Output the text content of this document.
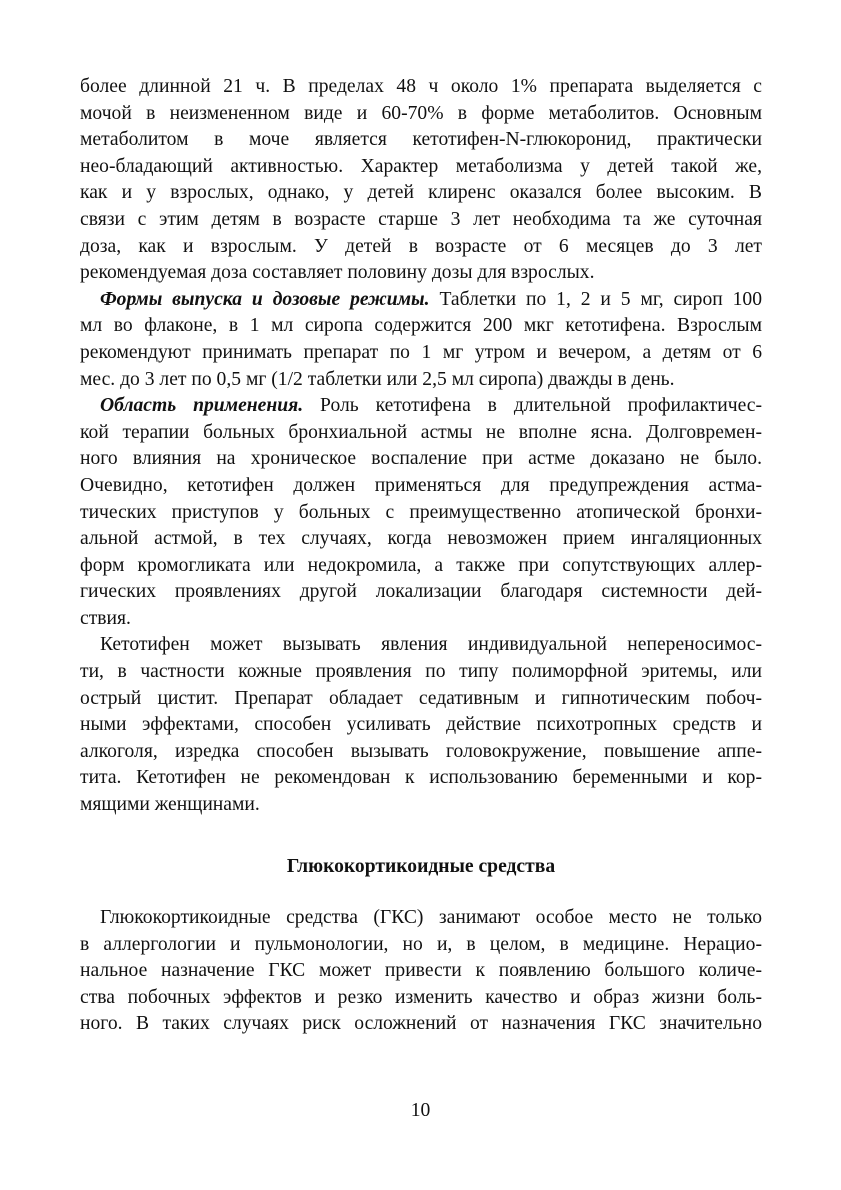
более длинной 21 ч. В пределах 48 ч около 1% препарата выделяется с
мочой в неизмененном виде и 60-70% в форме метаболитов. Основным
метаболитом в моче является кетотифен-N-глюкоронид, практически
нео-бладающий активностью. Характер метаболизма у детей такой же,
как и у взрослых, однако, у детей клиренс оказался более высоким. В
связи с этим детям в возрасте старше 3 лет необходима та же суточная
доза, как и взрослым. У детей в возрасте от 6 месяцев до 3 лет
рекомендуемая доза составляет половину дозы для взрослых.

Формы выпуска и дозовые режимы. Таблетки по 1, 2 и 5 мг, сироп 100
мл во флаконе, в 1 мл сиропа содержится 200 мкг кетотифена. Взрослым
рекомендуют принимать препарат по 1 мг утром и вечером, а детям от 6
мес. до 3 лет по 0,5 мг (1/2 таблетки или 2,5 мл сиропа) дважды в день.

Область применения. Роль кетотифена в длительной профилактичес-
кой терапии больных бронхиальной астмы не вполне ясна. Долговремен-
ного влияния на хроническое воспаление при астме доказано не было.
Очевидно, кетотифен должен применяться для предупреждения астма-
тических приступов у больных с преимущественно атопической бронхи-
альной астмой, в тех случаях, когда невозможен прием ингаляционных
форм кромогликата или недокромила, а также при сопутствующих аллер-
гических проявлениях другой локализации благодаря системности дей-
ствия.

Кетотифен может вызывать явления индивидуальной непереносимос-
ти, в частности кожные проявления по типу полиморфной эритемы, или
острый цистит. Препарат обладает седативным и гипнотическим побоч-
ными эффектами, способен усиливать действие психотропных средств и
алкоголя, изредка способен вызывать головокружение, повышение аппе-
тита. Кетотифен не рекомендован к использованию беременными и кор-
мящими женщинами.

Глюкокортикоидные средства

Глюкокортикоидные средства (ГКС) занимают особое место не только
в аллергологии и пульмонологии, но и, в целом, в медицине. Нерацио-
нальное назначение ГКС может привести к появлению большого количе-
ства побочных эффектов и резко изменить качество и образ жизни боль-
ного. В таких случаях риск осложнений от назначения ГКС значительно

10
